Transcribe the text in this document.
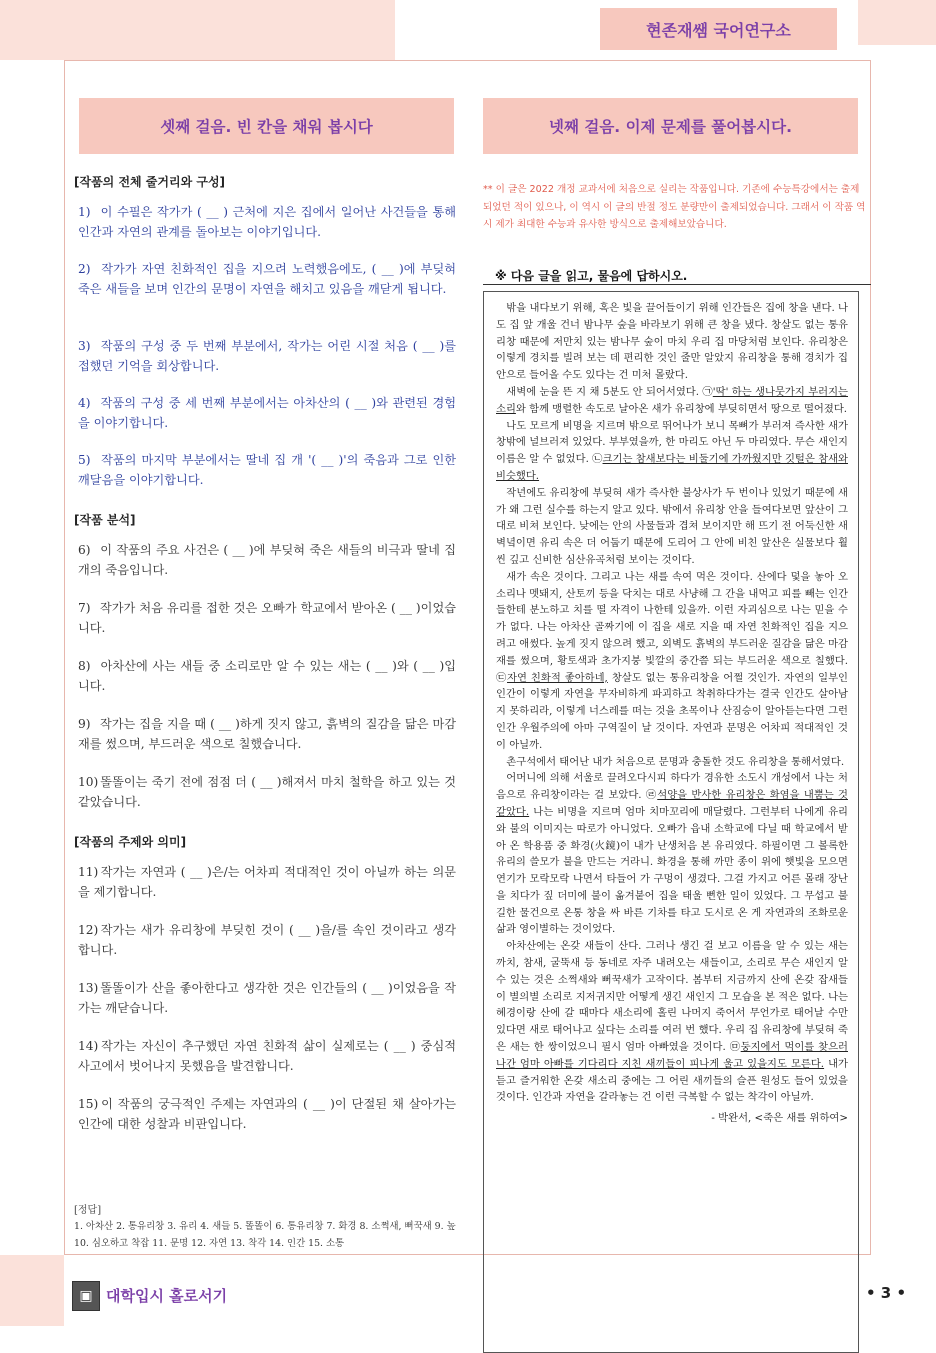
현존재쌤 국어연구소
셋째 걸음. 빈 칸을 채워 봅시다
[작품의 전체 줄거리와 구성]
1) 이 수필은 작가가 ( __ ) 근처에 지은 집에서 일어난 사건들을 통해 인간과 자연의 관계를 돌아보는 이야기입니다.
2) 작가가 자연 친화적인 집을 지으려 노력했음에도, ( __ )에 부딪혀 죽은 새들을 보며 인간의 문명이 자연을 해치고 있음을 깨닫게 됩니다.
3) 작품의 구성 중 두 번째 부분에서, 작가는 어린 시절 처음 ( __ )를 접했던 기억을 회상합니다.
4) 작품의 구성 중 세 번째 부분에서는 아차산의 ( __ )와 관련된 경험을 이야기합니다.
5) 작품의 마지막 부분에서는 딸네 집 개 '( __ )'의 죽음과 그로 인한 깨달음을 이야기합니다.
[작품 분석]
6) 이 작품의 주요 사건은 ( __ )에 부딪혀 죽은 새들의 비극과 딸네 집 개의 죽음입니다.
7) 작가가 처음 유리를 접한 것은 오빠가 학교에서 받아온 ( __ )이었습니다.
8) 아차산에 사는 새들 중 소리로만 알 수 있는 새는 ( __ )와 ( __ )입니다.
9) 작가는 집을 지을 때 ( __ )하게 짓지 않고, 흙벽의 질감을 닮은 마감재를 썼으며, 부드러운 색으로 칠했습니다.
10) 똘똘이는 죽기 전에 점점 더 ( __ )해져서 마치 철학을 하고 있는 것 같았습니다.
[작품의 주제와 의미]
11) 작가는 자연과 ( __ )은/는 어차피 적대적인 것이 아닐까 하는 의문을 제기합니다.
12) 작가는 새가 유리창에 부딪힌 것이 ( __ )을/를 속인 것이라고 생각합니다.
13) 똘똘이가 산을 좋아한다고 생각한 것은 인간들의 ( __ )이었음을 작가는 깨닫습니다.
14) 작가는 자신이 추구했던 자연 친화적 삶이 실제로는 ( __ ) 중심적 사고에서 벗어나지 못했음을 발견합니다.
15) 이 작품의 궁극적인 주제는 자연과의 ( __ )이 단절된 채 살아가는 인간에 대한 성찰과 비판입니다.
[정답]
1. 아차산 2. 통유리창 3. 유리 4. 새들 5. 똘똘이 6. 통유리창 7. 화경 8. 소쩍새, 뻐꾹새 9. 높 10. 심오하고 착잡 11. 문명 12. 자연 13. 착각 14. 인간 15. 소통
넷째 걸음. 이제 문제를 풀어봅시다.
** 이 글은 2022 개정 교과서에 처음으로 실리는 작품입니다. 기존에 수능특강에서는 출제되었던 적이 있으나, 이 역시 이 글의 반절 정도 분량만이 출제되었습니다. 그래서 이 작품 역시 제가 최대한 수능과 유사한 방식으로 출제해보았습니다.
※ 다음 글을 읽고, 물음에 답하시오.

밖을 내다보기 위해, 혹은 빛을 끌어들이기 위해 인간들은 집에 창을 낸다. 나도 집 앞 개울 건너 밤나무 숲을 바라보기 위해 큰 창을 냈다. 창살도 없는 통유리창 때문에 저만치 있는 밤나무 숲이 마치 우리 집 마당처럼 보인다. 유리창은 이렇게 경치를 빌려 보는 데 편리한 것인 줄만 알았지 유리창을 통해 경치가 집 안으로 들어올 수도 있다는 건 미처 몰랐다.

새벽에 눈을 뜬 지 채 5분도 안 되어서였다. ㉠'딱' 하는 생나뭇가지 부러지는 소리와 함께 맹렬한 속도로 날아온 새가 유리창에 부딪히면서 땅으로 떨어졌다.

나도 모르게 비명을 지르며 밖으로 뛰어나가 보니 목뼈가 부러져 즉사한 새가 창밖에 널브러져 있었다. 부부였을까, 한 마리도 아닌 두 마리였다. 무슨 새인지 이름은 알 수 없었다. ㉡크기는 참새보다는 비둘기에 가까웠지만 깃털은 참새와 비슷했다.

작년에도 유리창에 부딪혀 새가 즉사한 불상사가 두 번이나 있었기 때문에 새가 왜 그런 실수를 하는지 알고 있다. 밖에서 유리창 안을 들여다보면 앞산이 그대로 비쳐 보인다. 낮에는 안의 사물들과 겹쳐 보이지만 해 뜨기 전 어둑신한 새벽녘이면 유리 속은 더 어둡기 때문에 도리어 그 안에 비친 앞산은 실물보다 훨씬 깊고 신비한 심산유곡처럼 보이는 것이다.

새가 속은 것이다. 그리고 나는 새를 속여 먹은 것이다. 산에다 덫을 놓아 오소리나 멧돼지, 산토끼 등을 닥치는 대로 사냥해 그 간을 내먹고 피를 빼는 인간들한테 분노하고 치를 떨 자격이 나한테 있을까. 이런 자괴심으로 나는 믿을 수가 없다. 나는 아차산 골짜기에 이 집을 새로 지을 때 자연 친화적인 집을 지으려고 애썼다. 높게 짓지 않으려 했고, 외벽도 흙벽의 부드러운 질감을 닮은 마감재를 썼으며, 황토색과 초가지붕 빛깔의 중간쯤 되는 부드러운 색으로 칠했다. ㉢자연 친화적 좋아하네, 창살도 없는 통유리창을 어쩔 것인가. 자연의 일부인 인간이 이렇게 자연을 무자비하게 파괴하고 착취하다가는 결국 인간도 살아남지 못하리라, 이렇게 너스레를 떠는 것을 초목이나 산짐승이 알아듣는다면 그런 인간 우월주의에 아마 구역질이 날 것이다. 자연과 문명은 어차피 적대적인 것이 아닐까.

촌구석에서 태어난 내가 처음으로 문명과 충돌한 것도 유리창을 통해서였다.

어머니에 의해 서울로 끌려오다시피 하다가 경유한 소도시 개성에서 나는 처음으로 유리창이라는 걸 보았다. ㉣석양을 반사한 유리창은 화염을 내뿜는 것 같았다. 나는 비명을 지르며 엄마 치마꼬리에 매달렸다. 그런부터 나에게 유리와 불의 이미지는 따로가 아니었다. 오빠가 읍내 소학교에 다닐 때 학교에서 받아 온 학용품 중 화경(火鏡)이 내가 난생처음 본 유리였다. 하필이면 그 볼록한 유리의 쓸모가 불을 만드는 거라니. 화경을 통해 까만 종이 위에 햇빛을 모으면 연기가 모락모락 나면서 타들어 가 구멍이 생겼다. 그걸 가지고 어른 몰래 장난을 치다가 짚 더미에 불이 옮겨붙어 집을 태울 뻔한 일이 있었다. 그 무섭고 불길한 물건으로 온통 창을 싸 바른 기차를 타고 도시로 온 게 자연과의 조화로운 삶과 영이별하는 것이었다.

아차산에는 온갖 새들이 산다. 그러나 생긴 걸 보고 이름을 알 수 있는 새는 까치, 참새, 굴뚝새 등 동네로 자주 내려오는 새들이고, 소리로 무슨 새인지 알 수 있는 것은 소쩍새와 뻐꾹새가 고작이다. 봄부터 지금까지 산에 온갖 잡새들이 별의별 소리로 지저귀지만 어떻게 생긴 새인지 그 모습을 본 적은 없다. 나는 혜경이랑 산에 갈 때마다 새소리에 홀린 나머지 죽어서 무언가로 태어날 수만 있다면 새로 태어나고 싶다는 소리를 여러 번 했다. 우리 집 유리창에 부딪혀 죽은 새는 한 쌍이었으니 필시 엄마 아빠였을 것이다. ㉤둥지에서 먹이를 찾으러 나간 엄마 아빠를 기다리다 지친 새끼들이 피나게 울고 있을지도 모른다. 내가 듣고 즐거워한 온갖 새소리 중에는 그 어린 새끼들의 슬픈 원성도 들어 있었을 것이다. 인간과 자연을 갈라놓는 건 이런 극복할 수 없는 착각이 아닐까.

- 박완서, <죽은 새를 위하여>

▣ 대학입시 홀로서기	• 3 •
